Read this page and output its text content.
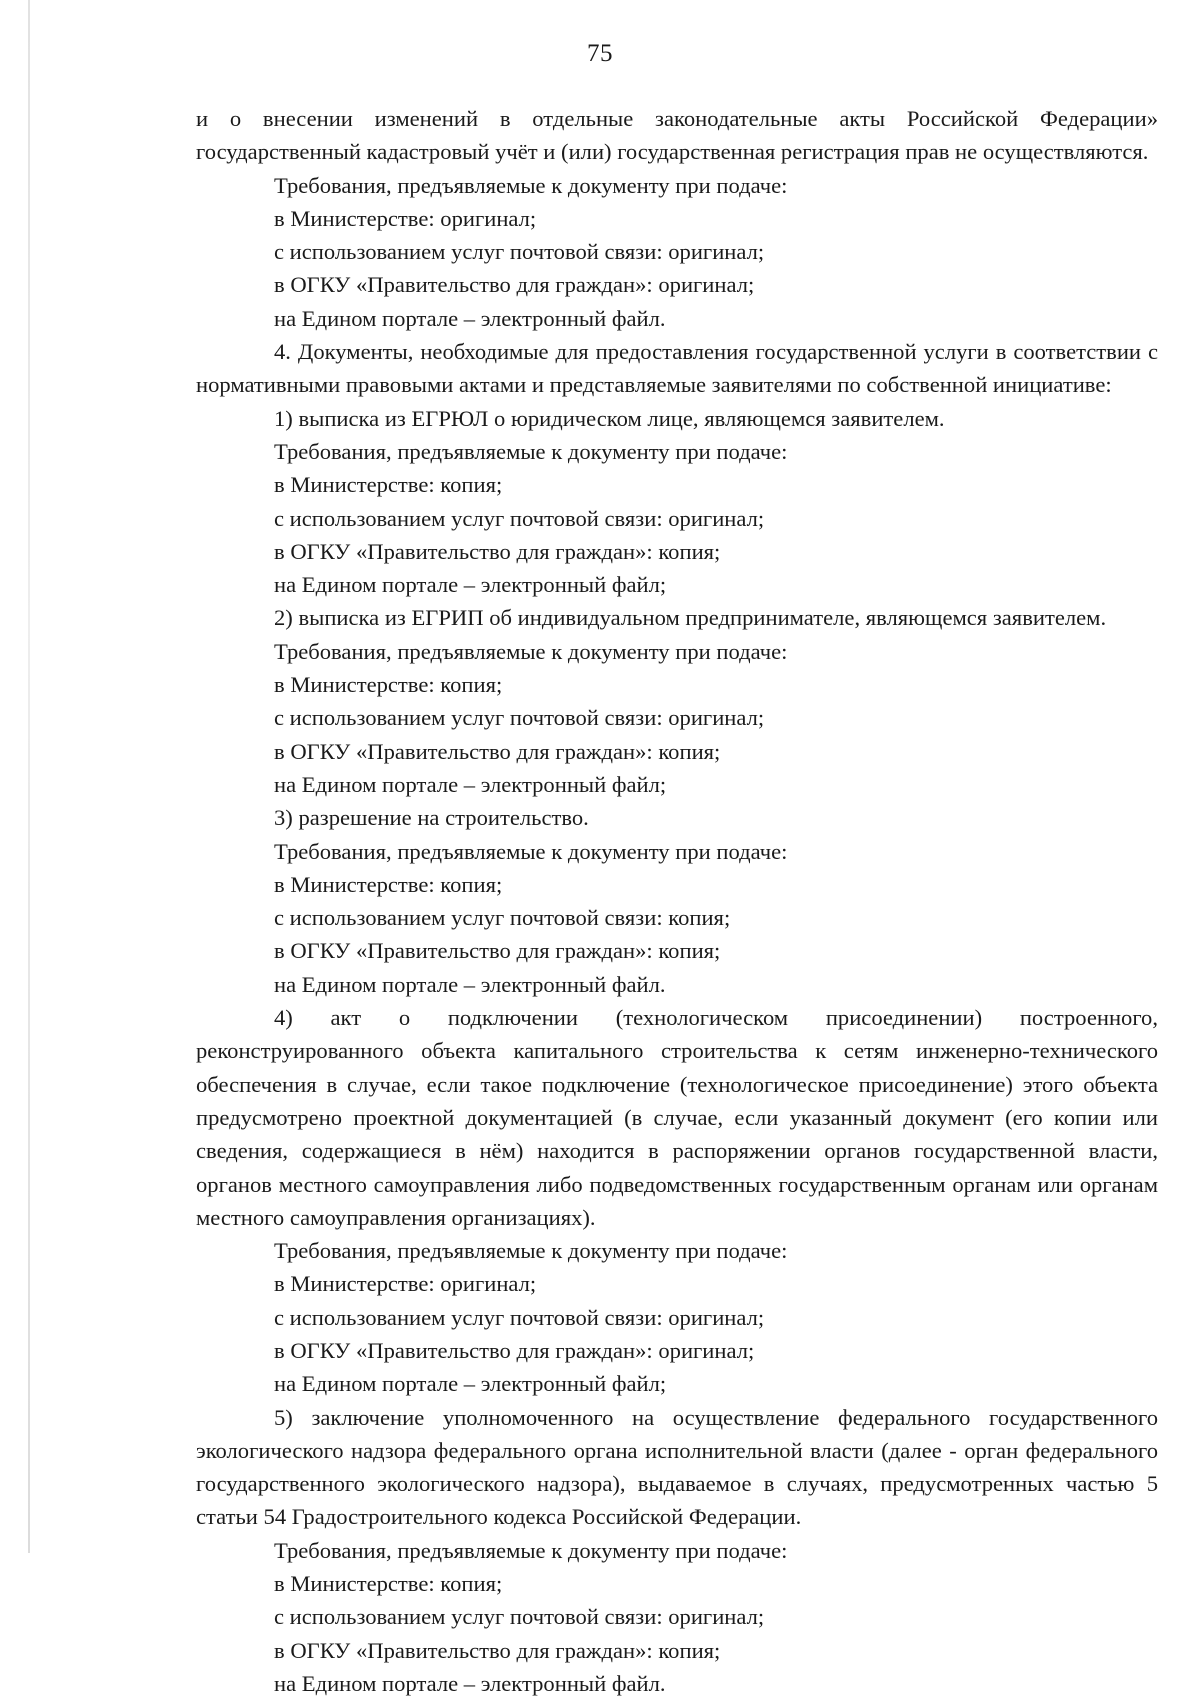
75

и о внесении изменений в отдельные законодательные акты Российской Федерации» государственный кадастровый учёт и (или) государственная регистрация прав не осуществляются.

Требования, предъявляемые к документу при подаче:

в Министерстве: оригинал;

с использованием услуг почтовой связи: оригинал;

в ОГКУ «Правительство для граждан»: оригинал;

на Едином портале – электронный файл.

4. Документы, необходимые для предоставления государственной услуги в соответствии с нормативными правовыми актами и представляемые заявителями по собственной инициативе:

1) выписка из ЕГРЮЛ о юридическом лице, являющемся заявителем.

Требования, предъявляемые к документу при подаче:

в Министерстве: копия;

с использованием услуг почтовой связи: оригинал;

в ОГКУ «Правительство для граждан»: копия;

на Едином портале – электронный файл;

2) выписка из ЕГРИП об индивидуальном предпринимателе, являющемся заявителем.

Требования, предъявляемые к документу при подаче:

в Министерстве: копия;

с использованием услуг почтовой связи: оригинал;

в ОГКУ «Правительство для граждан»: копия;

на Едином портале – электронный файл;

3) разрешение на строительство.

Требования, предъявляемые к документу при подаче:

в Министерстве: копия;

с использованием услуг почтовой связи: копия;

в ОГКУ «Правительство для граждан»: копия;

на Едином портале – электронный файл.

4) акт о подключении (технологическом присоединении) построенного, реконструированного объекта капитального строительства к сетям инженерно-технического обеспечения в случае, если такое подключение (технологическое присоединение) этого объекта предусмотрено проектной документацией (в случае, если указанный документ (его копии или сведения, содержащиеся в нём) находится в распоряжении органов государственной власти, органов местного самоуправления либо подведомственных государственным органам или органам местного самоуправления организациях).

Требования, предъявляемые к документу при подаче:

в Министерстве: оригинал;

с использованием услуг почтовой связи: оригинал;

в ОГКУ «Правительство для граждан»: оригинал;

на Едином портале – электронный файл;

5) заключение уполномоченного на осуществление федерального государственного экологического надзора федерального органа исполнительной власти (далее - орган федерального государственного экологического надзора), выдаваемое в случаях, предусмотренных частью 5 статьи 54 Градостроительного кодекса Российской Федерации.

Требования, предъявляемые к документу при подаче:

в Министерстве: копия;

с использованием услуг почтовой связи: оригинал;

в ОГКУ «Правительство для граждан»: копия;

на Едином портале – электронный файл.
